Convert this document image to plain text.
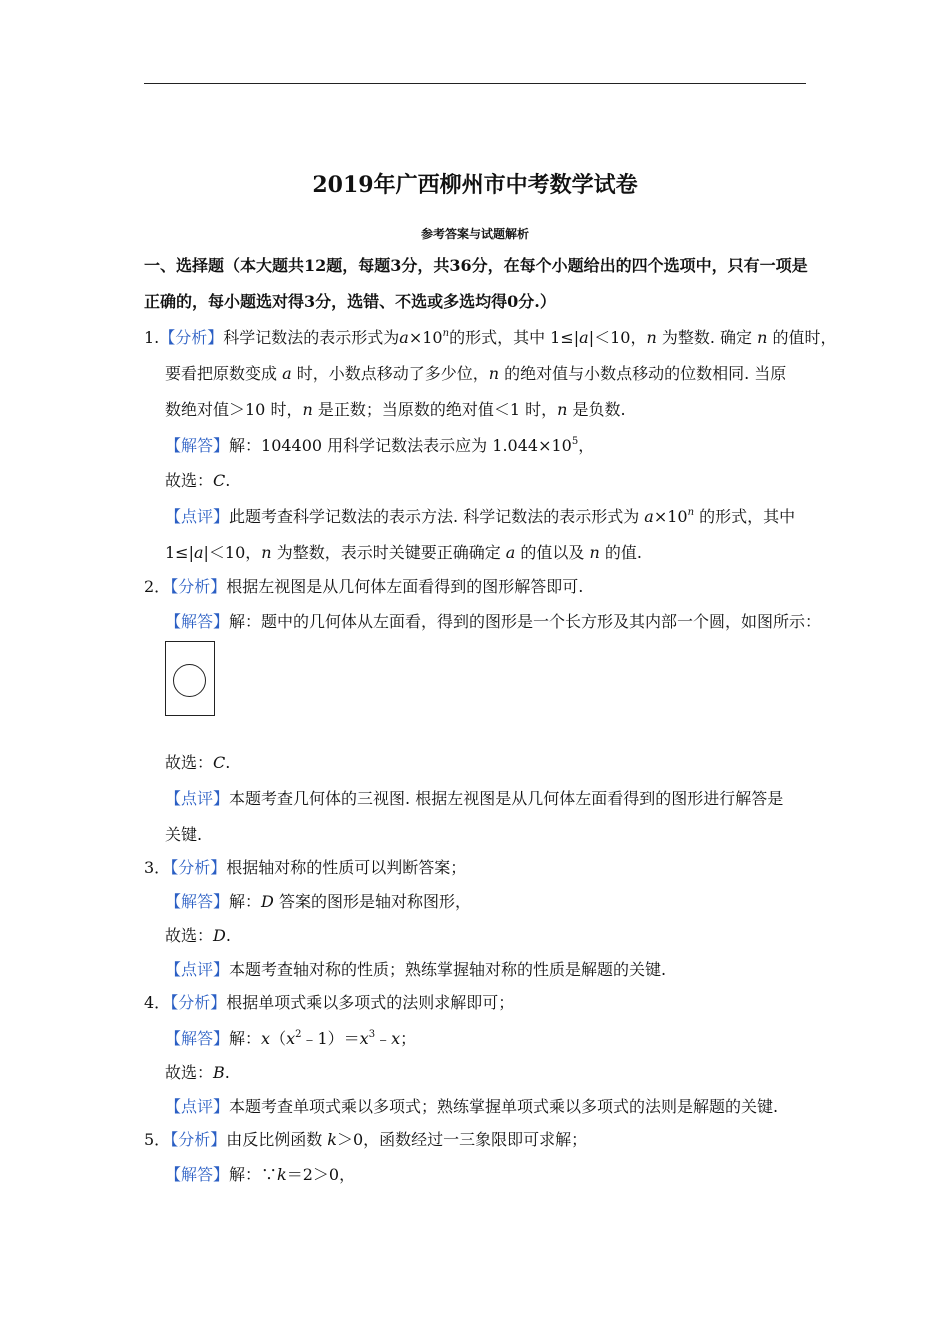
2019年广西柳州市中考数学试卷
参考答案与试题解析
一、选择题（本大题共12题，每题3分，共36分，在每个小题给出的四个选项中，只有一项是
正确的，每小题选对得3分，选错、不选或多选均得0分.）
1.【分析】科学记数法的表示形式为$a\times 10^n$的形式，其中 1≤|a|＜10，n 为整数. 确定 n 的值时，
要看把原数变成 a 时，小数点移动了多少位，n 的绝对值与小数点移动的位数相同. 当原
数绝对值＞10 时，n 是正数；当原数的绝对值＜1 时，n 是负数.
【解答】解：104400 用科学记数法表示应为 $1.044\times 10^5$，
故选：C.
【点评】此题考查科学记数法的表示方法. 科学记数法的表示形式为 $a\times 10^n$ 的形式，其中
1≤|a|＜10，n 为整数，表示时关键要正确确定 a 的值以及 n 的值.
2．【分析】根据左视图是从几何体左面看得到的图形解答即可.
【解答】解：题中的几何体从左面看，得到的图形是一个长方形及其内部一个圆，如图所示：
故选：C.
【点评】本题考查几何体的三视图. 根据左视图是从几何体左面看得到的图形进行解答是
关键.
3．【分析】根据轴对称的性质可以判断答案；
【解答】解：D 答案的图形是轴对称图形，
故选：D.
【点评】本题考查轴对称的性质；熟练掌握轴对称的性质是解题的关键.
4．【分析】根据单项式乘以多项式的法则求解即可；
【解答】解：$x(x^2﹣1)=x^3﹣x$；
故选：B.
【点评】本题考查单项式乘以多项式；熟练掌握单项式乘以多项式的法则是解题的关键.
5．【分析】由反比例函数 k＞0，函数经过一三象限即可求解；
【解答】解：∵k＝2＞0，
